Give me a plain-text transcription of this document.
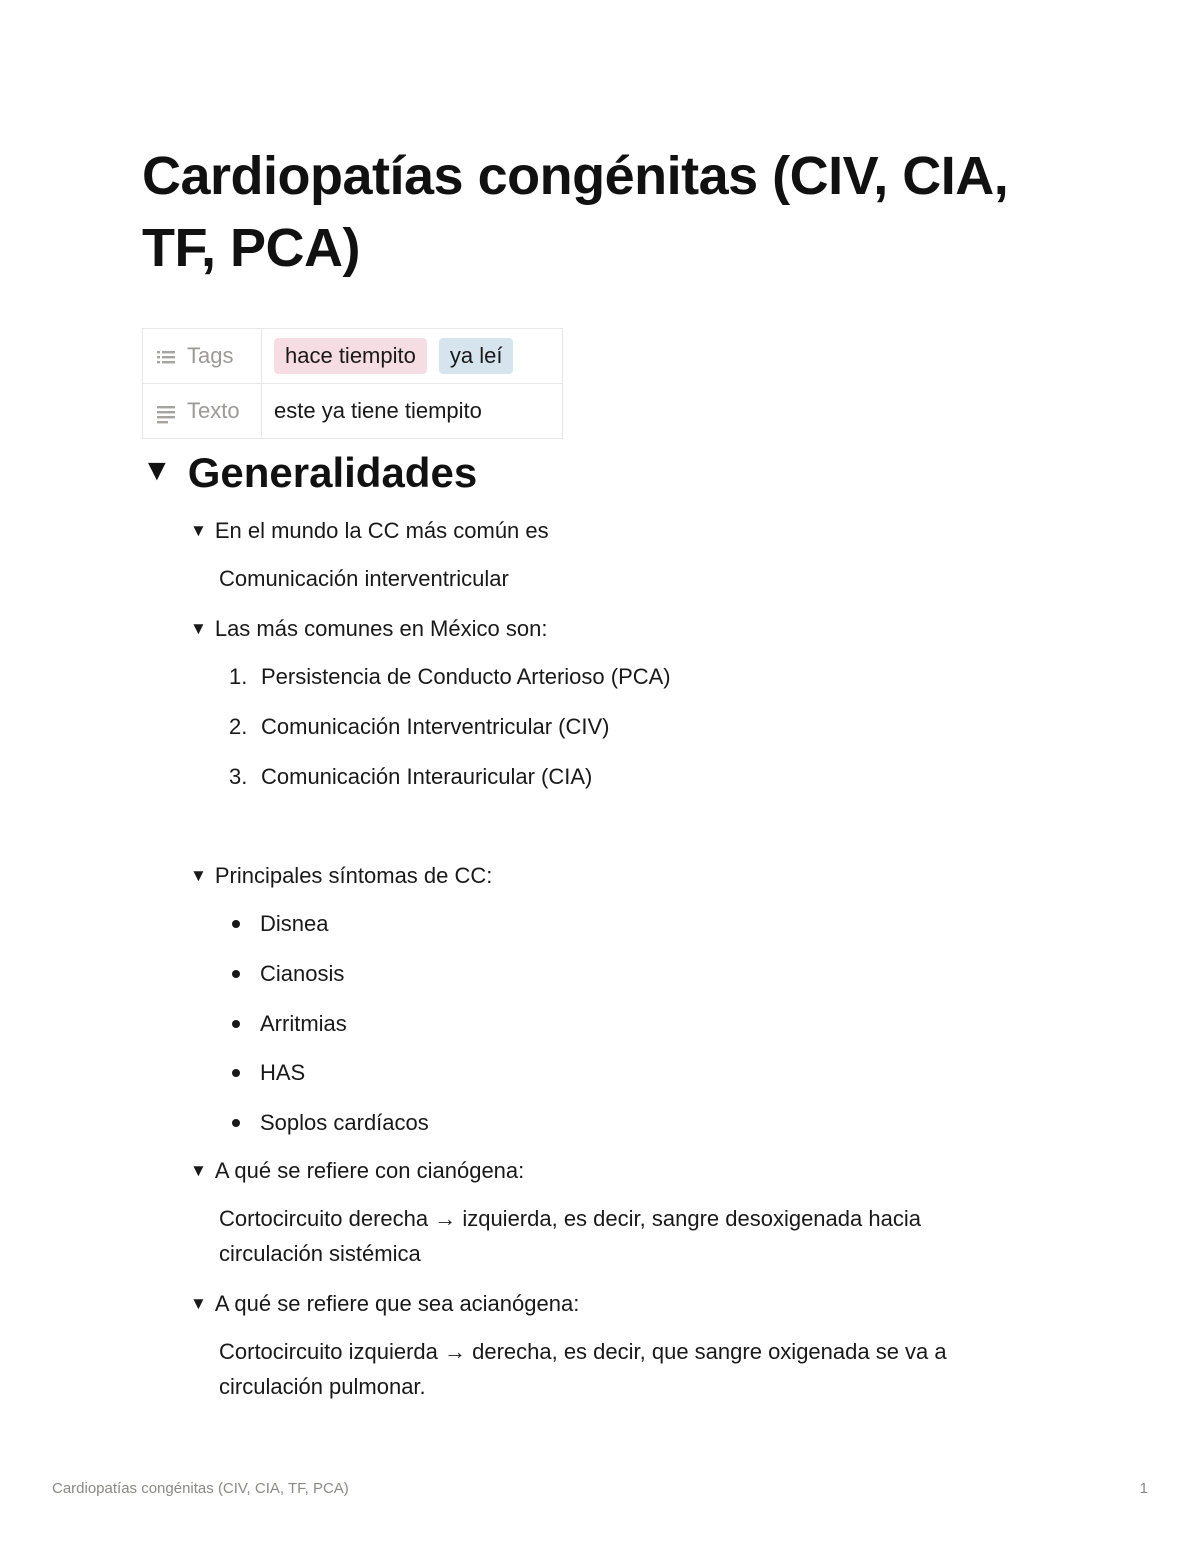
Cardiopatías congénitas (CIV, CIA, TF, PCA)
Tags	hace tiempito ya leí

Texto	este ya tiene tiempito
▼ Generalidades
▼ En el mundo la CC más común es
Comunicación interventricular
▼ Las más comunes en México son:
1. Persistencia de Conducto Arterioso (PCA)
2. Comunicación Interventricular (CIV)
3. Comunicación Interauricular (CIA)
▼ Principales síntomas de CC:
Disnea
Cianosis
Arritmias
HAS
Soplos cardíacos
▼ A qué se refiere con cianógena:
Cortocircuito derecha → izquierda, es decir, sangre desoxigenada hacia
circulación sistémica
▼ A qué se refiere que sea acianógena:
Cortocircuito izquierda → derecha, es decir, que sangre oxigenada se va a
circulación pulmonar.
Cardiopatías congénitas (CIV, CIA, TF, PCA)	1
